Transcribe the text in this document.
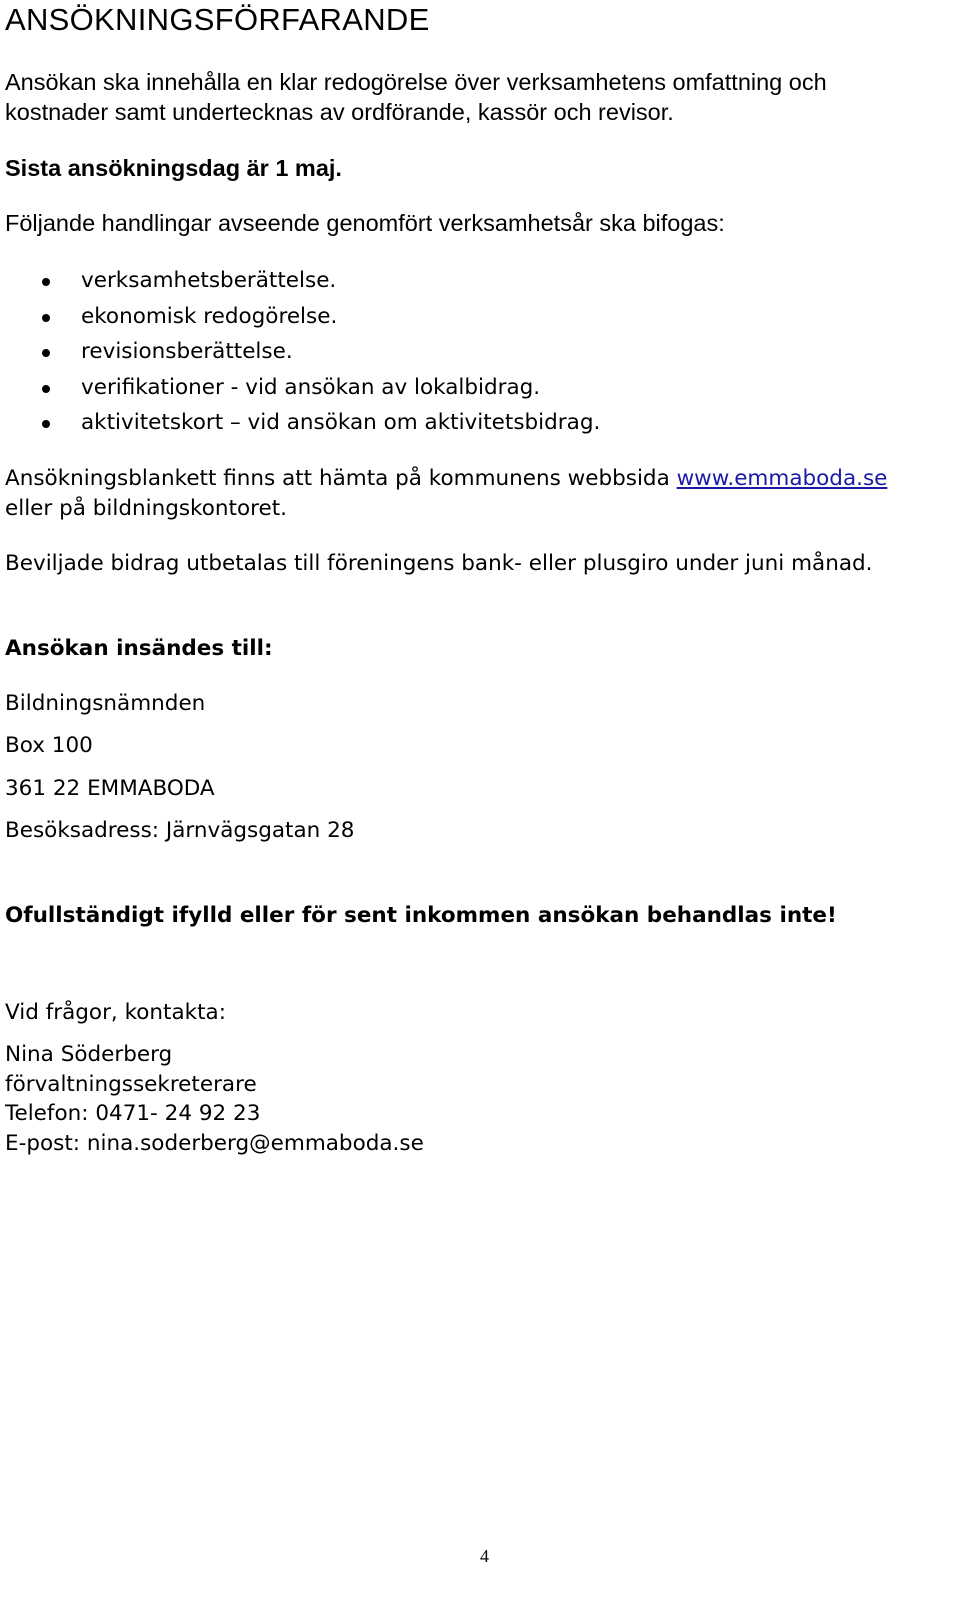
ANSÖKNINGSFÖRFARANDE
Ansökan ska innehålla en klar redogörelse över verksamhetens omfattning och
kostnader samt undertecknas av ordförande, kassör och revisor.
Sista ansökningsdag är 1 maj.
Följande handlingar avseende genomfört verksamhetsår ska bifogas:
verksamhetsberättelse.
ekonomisk redogörelse.
revisionsberättelse.
verifikationer - vid ansökan av lokalbidrag.
aktivitetskort – vid ansökan om aktivitetsbidrag.
Ansökningsblankett finns att hämta på kommunens webbsida www.emmaboda.se
eller på bildningskontoret.
Beviljade bidrag utbetalas till föreningens bank- eller plusgiro under juni månad.
Ansökan insändes till:
Bildningsnämnden
Box 100
361 22 EMMABODA
Besöksadress: Järnvägsgatan 28
Ofullständigt ifylld eller för sent inkommen ansökan behandlas inte!
Vid frågor, kontakta:
Nina Söderberg
förvaltningssekreterare
Telefon: 0471- 24 92 23
E-post: nina.soderberg@emmaboda.se
4
